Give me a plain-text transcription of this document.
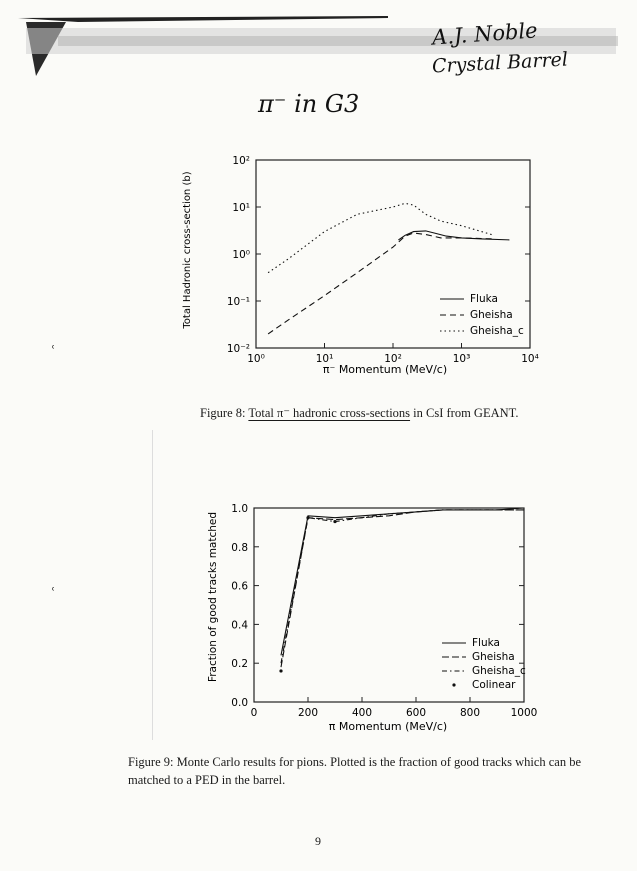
A.J. Noble
Crystal Barrel
π⁻ in G3
ʿ
ʿ
10⁰	10¹	10²	10³	10⁴
10²
10¹
10⁰
10⁻¹
10⁻²
Fluka
Gheisha
Gheisha_c
π⁻ Momentum (MeV/c)
Total Hadronic cross-section (b)
Figure 8: Total π⁻ hadronic cross-sections in CsI from GEANT.
0	200	400	600	800	1000
1.0
0.8
0.6
0.4
0.2
0.0
Fluka
Gheisha
Gheisha_c
Colinear
π Momentum (MeV/c)
Fraction of good tracks matched
Figure 9: Monte Carlo results for pions. Plotted is the fraction of good tracks which can be matched to a PED in the barrel.
9
